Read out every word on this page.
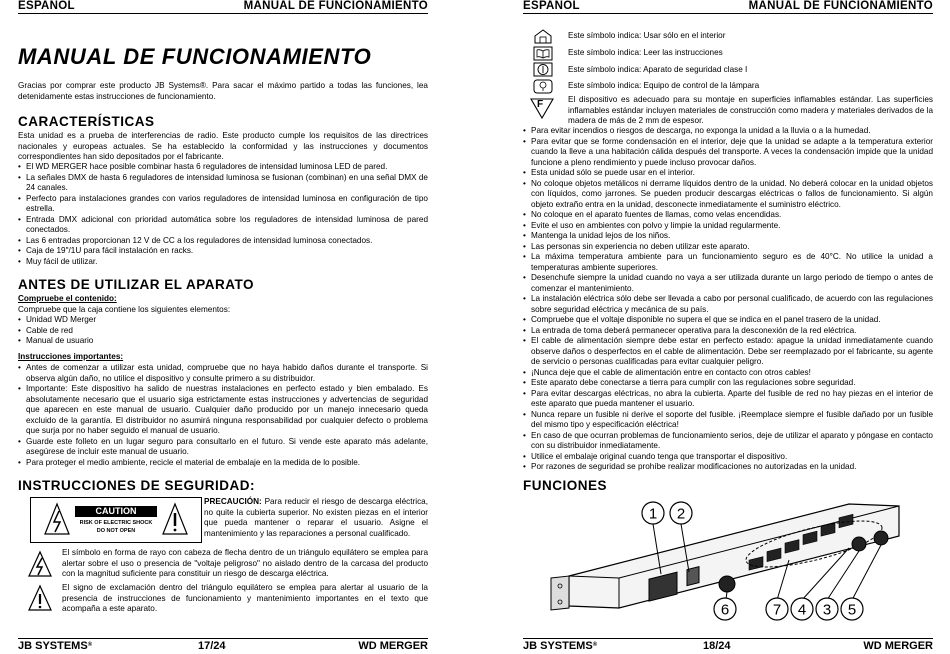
ESPAÑOL	MANUAL DE FUNCIONAMIENTO
MANUAL DE FUNCIONAMIENTO
Gracias por comprar este producto JB Systems®. Para sacar el máximo partido a todas las funciones, lea detenidamente estas instrucciones de funcionamiento.
CARACTERÍSTICAS
Esta unidad es a prueba de interferencias de radio. Este producto cumple los requisitos de las directrices nacionales y europeas actuales. Se ha establecido la conformidad y las instrucciones y documentos correspondientes han sido depositados por el fabricante.
• El WD MERGER hace posible combinar hasta 6 reguladores de intensidad luminosa LED de pared.
• La señales DMX de hasta 6 reguladores de intensidad luminosa se fusionan (combinan) en una señal DMX de 24 canales.
• Perfecto para instalaciones grandes con varios reguladores de intensidad luminosa en configuración de tipo estrella.
• Entrada DMX adicional con prioridad automática sobre los reguladores de intensidad luminosa de pared conectados.
• Las 6 entradas proporcionan 12 V de CC a los reguladores de intensidad luminosa conectados.
• Caja de 19"/1U para fácil instalación en racks.
• Muy fácil de utilizar.
ANTES DE UTILIZAR EL APARATO
Compruebe el contenido:
Compruebe que la caja contiene los siguientes elementos:
• Unidad WD Merger
• Cable de red
• Manual de usuario
Instrucciones importantes:
• Antes de comenzar a utilizar esta unidad, compruebe que no haya habido daños durante el transporte. Si observa algún daño, no utilice el dispositivo y consulte primero a su distribuidor.
• Importante: Este dispositivo ha salido de nuestras instalaciones en perfecto estado y bien embalado. Es absolutamente necesario que el usuario siga estrictamente estas instrucciones y advertencias de seguridad que aparecen en este manual de usuario. Cualquier daño producido por un manejo innecesario queda excluido de la garantía. El distribuidor no asumirá ninguna responsabilidad por cualquier defecto o problema que surja por no haber seguido el manual de usuario.
• Guarde este folleto en un lugar seguro para consultarlo en el futuro. Si vende este aparato más adelante, asegúrese de incluir este manual de usuario.
• Para proteger el medio ambiente, recicle el material de embalaje en la medida de lo posible.
INSTRUCCIONES DE SEGURIDAD:
CAUTION
RISK OF ELECTRIC SHOCK
DO NOT OPEN
PRECAUCIÓN: Para reducir el riesgo de descarga eléctrica, no quite la cubierta superior. No existen piezas en el interior que pueda mantener o reparar el usuario. Asigne el mantenimiento y las reparaciones a personal cualificado.
El símbolo en forma de rayo con cabeza de flecha dentro de un triángulo equilátero se emplea para alertar sobre el uso o presencia de "voltaje peligroso" no aislado dentro de la carcasa del producto con la magnitud suficiente para constituir un riesgo de descarga eléctrica.
El signo de exclamación dentro del triángulo equilátero se emplea para alertar al usuario de la presencia de instrucciones de funcionamiento y mantenimiento importantes en el texto que acompaña a este aparato.
JB SYSTEMS®	17/24	WD MERGER
ESPAÑOL	MANUAL DE FUNCIONAMIENTO
Este símbolo indica: Usar sólo en el interior
Este símbolo indica: Leer las instrucciones
Este símbolo indica: Aparato de seguridad clase I
Este símbolo indica: Equipo de control de la lámpara
F	El dispositivo es adecuado para su montaje en superficies inflamables estándar. Las superficies inflamables estándar incluyen materiales de construcción como madera y materiales derivados de la madera de más de 2 mm de espesor.
• Para evitar incendios o riesgos de descarga, no exponga la unidad a la lluvia o a la humedad.
• Para evitar que se forme condensación en el interior, deje que la unidad se adapte a la temperatura exterior cuando la lleve a una habitación cálida después del transporte. A veces la condensación impide que la unidad funcione a pleno rendimiento y puede incluso provocar daños.
• Esta unidad sólo se puede usar en el interior.
• No coloque objetos metálicos ni derrame líquidos dentro de la unidad. No deberá colocar en la unidad objetos con líquidos, como jarrones. Se pueden producir descargas eléctricas o fallos de funcionamiento. Si algún objeto extraño entra en la unidad, desconecte inmediatamente el suministro eléctrico.
• No coloque en el aparato fuentes de llamas, como velas encendidas.
• Evite el uso en ambientes con polvo y limpie la unidad regularmente.
• Mantenga la unidad lejos de los niños.
• Las personas sin experiencia no deben utilizar este aparato.
• La máxima temperatura ambiente para un funcionamiento seguro es de 40°C. No utilice la unidad a temperaturas ambiente superiores.
• Desenchufe siempre la unidad cuando no vaya a ser utilizada durante un largo periodo de tiempo o antes de comenzar el mantenimiento.
• La instalación eléctrica sólo debe ser llevada a cabo por personal cualificado, de acuerdo con las regulaciones sobre seguridad eléctrica y mecánica de su país.
• Compruebe que el voltaje disponible no supera el que se indica en el panel trasero de la unidad.
• La entrada de toma deberá permanecer operativa para la desconexión de la red eléctrica.
• El cable de alimentación siempre debe estar en perfecto estado: apague la unidad inmediatamente cuando observe daños o desperfectos en el cable de alimentación. Debe ser reemplazado por el fabricante, su agente de servicio o personas cualificadas para evitar cualquier peligro.
• ¡Nunca deje que el cable de alimentación entre en contacto con otros cables!
• Este aparato debe conectarse a tierra para cumplir con las regulaciones sobre seguridad.
• Para evitar descargas eléctricas, no abra la cubierta. Aparte del fusible de red no hay piezas en el interior de este aparato que pueda mantener el usuario.
• Nunca repare un fusible ni derive el soporte del fusible. ¡Reemplace siempre el fusible dañado por un fusible del mismo tipo y especificación eléctrica!
• En caso de que ocurran problemas de funcionamiento serios, deje de utilizar el aparato y póngase en contacto con su distribuidor inmediatamente.
• Utilice el embalaje original cuando tenga que transportar el dispositivo.
• Por razones de seguridad se prohíbe realizar modificaciones no autorizadas en la unidad.
FUNCIONES
1 2
6	7 4 3 5
JB SYSTEMS®	18/24	WD MERGER
